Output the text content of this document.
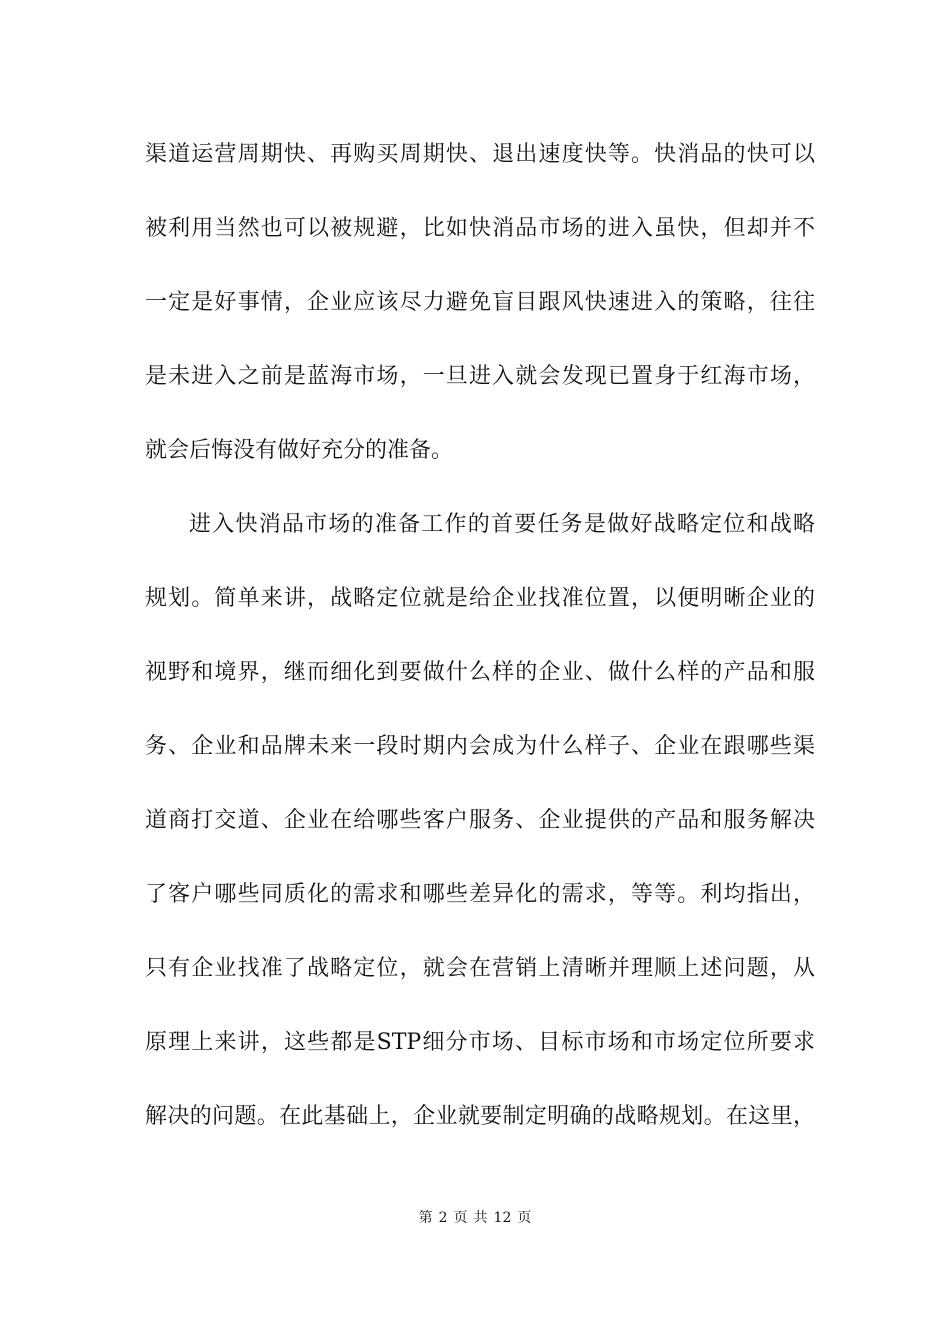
渠道运营周期快、再购买周期快、退出速度快等。快消品的快可以
被利用当然也可以被规避，比如快消品市场的进入虽快，但却并不
一定是好事情，企业应该尽力避免盲目跟风快速进入的策略，往往
是未进入之前是蓝海市场，一旦进入就会发现已置身于红海市场，
就会后悔没有做好充分的准备。
进入快消品市场的准备工作的首要任务是做好战略定位和战略
规划。简单来讲，战略定位就是给企业找准位置，以便明晰企业的
视野和境界，继而细化到要做什么样的企业、做什么样的产品和服
务、企业和品牌未来一段时期内会成为什么样子、企业在跟哪些渠
道商打交道、企业在给哪些客户服务、企业提供的产品和服务解决
了客户哪些同质化的需求和哪些差异化的需求，等等。利均指出，
只有企业找准了战略定位，就会在营销上清晰并理顺上述问题，从
原理上来讲，这些都是STP细分市场、目标市场和市场定位所要求
解决的问题。在此基础上，企业就要制定明确的战略规划。在这里，
第 2 页 共 12 页
